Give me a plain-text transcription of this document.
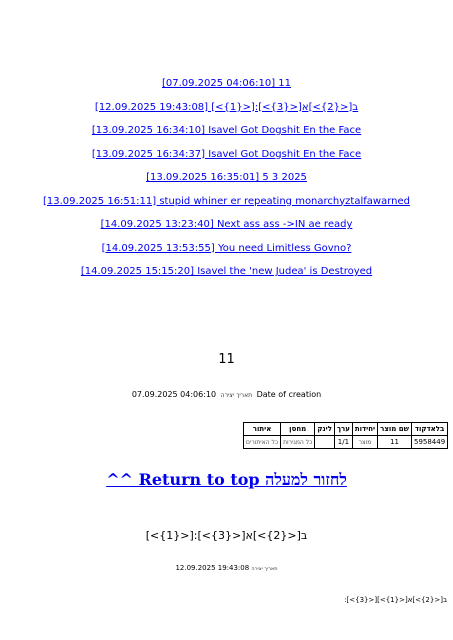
[07.09.2025 04:06:10] 11
[12.09.2025 19:43:08] [<{1}>]:[<{3}>]ב[<{2}>]א
[13.09.2025 16:34:10] Isavel Got Dogshit En the Face
[13.09.2025 16:34:37] Isavel Got Dogshit En the Face
[13.09.2025 16:35:01] 5 3 2025
[13.09.2025 16:51:11] stupid whiner er repeating monarchyztalfawarned
[14.09.2025 13:23:40] Next ass ass ->IN ae ready
[14.09.2025 13:53:55] You need Limitless Govno?
[14.09.2025 15:15:20] Isavel the 'new Judea' is Destroyed
11
07.09.2025 04:06:10 תאריך יצירה Date of creation
בלאדקוד	שם מוצר	יחידות	ערך	לינק	מחסן	איתור
5958449	11	מוצר	1/1		כל המגירות	כל האיתורים
^^ Return to top לחזור למעלה
[<{1}>]:[<{3}>]ב[<{2}>]א
12.09.2025 19:43:08 תאריך יצירה
:[<{3}>]ב[<{2}>]א[<{1}>]
